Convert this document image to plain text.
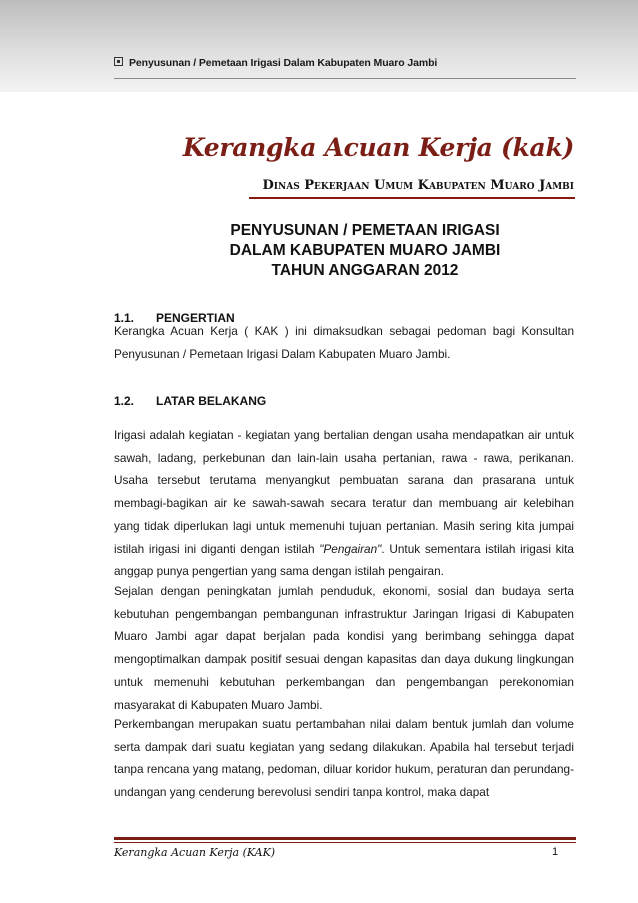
Penyusunan / Pemetaan Irigasi Dalam Kabupaten Muaro Jambi
Kerangka Acuan Kerja (kak)
Dinas Pekerjaan Umum Kabupaten Muaro Jambi
PENYUSUNAN / PEMETAAN IRIGASI
DALAM KABUPATEN MUARO JAMBI
TAHUN ANGGARAN 2012
1.1. PENGERTIAN

Kerangka Acuan Kerja ( KAK ) ini dimaksudkan sebagai pedoman bagi Konsultan Penyusunan / Pemetaan Irigasi Dalam Kabupaten Muaro Jambi.

1.2. LATAR BELAKANG

Irigasi adalah kegiatan - kegiatan yang bertalian dengan usaha mendapatkan air untuk sawah, ladang, perkebunan dan lain-lain usaha pertanian, rawa - rawa, perikanan. Usaha tersebut terutama menyangkut pembuatan sarana dan prasarana untuk membagi-bagikan air ke sawah-sawah secara teratur dan membuang air kelebihan yang tidak diperlukan lagi untuk memenuhi tujuan pertanian. Masih sering kita jumpai istilah irigasi ini diganti dengan istilah "Pengairan". Untuk sementara istilah irigasi kita anggap punya pengertian yang sama dengan istilah pengairan.

Sejalan dengan peningkatan jumlah penduduk, ekonomi, sosial dan budaya serta kebutuhan pengembangan pembangunan infrastruktur Jaringan Irigasi di Kabupaten Muaro Jambi agar dapat berjalan pada kondisi yang berimbang sehingga dapat mengoptimalkan dampak positif sesuai dengan kapasitas dan daya dukung lingkungan untuk memenuhi kebutuhan perkembangan dan pengembangan perekonomian masyarakat di Kabupaten Muaro Jambi.

Perkembangan merupakan suatu pertambahan nilai dalam bentuk jumlah dan volume serta dampak dari suatu kegiatan yang sedang dilakukan. Apabila hal tersebut terjadi tanpa rencana yang matang, pedoman, diluar koridor hukum, peraturan dan perundang-undangan yang cenderung berevolusi sendiri tanpa kontrol, maka dapat

Kerangka Acuan Kerja (KAK)	1
